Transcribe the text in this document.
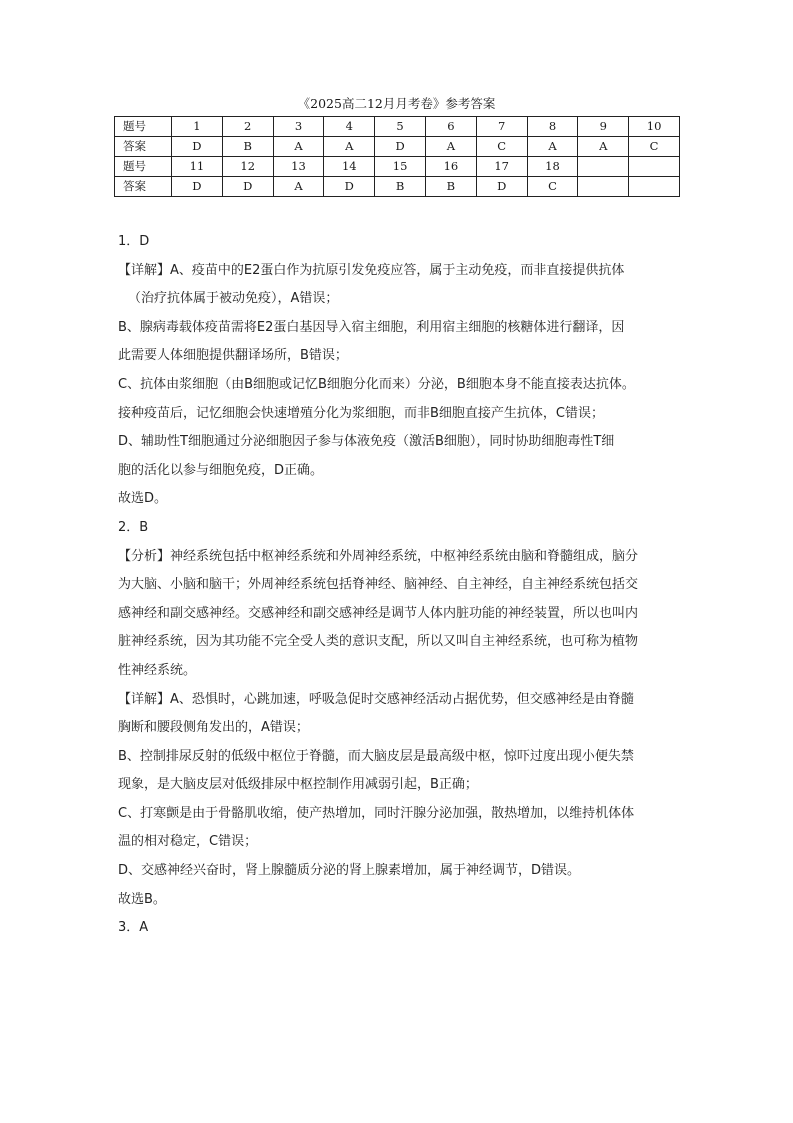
《2025高二12月月考卷》参考答案
题号	1	2	3	4	5	6	7	8	9	10
答案	D	B	A	A	D	A	C	A	A	C
题号	11	12	13	14	15	16	17	18		
答案	D	D	A	D	B	B	D	C		
1．D
【详解】A、疫苗中的E2蛋白作为抗原引发免疫应答，属于主动免疫，而非直接提供抗体
（治疗抗体属于被动免疫），A错误；
B、腺病毒载体疫苗需将E2蛋白基因导入宿主细胞，利用宿主细胞的核糖体进行翻译，因
此需要人体细胞提供翻译场所，B错误；
C、抗体由浆细胞（由B细胞或记忆B细胞分化而来）分泌，B细胞本身不能直接表达抗体。
接种疫苗后，记忆细胞会快速增殖分化为浆细胞，而非B细胞直接产生抗体，C错误；
D、辅助性T细胞通过分泌细胞因子参与体液免疫（激活B细胞），同时协助细胞毒性T细
胞的活化以参与细胞免疫，D正确。
故选D。
2．B
【分析】神经系统包括中枢神经系统和外周神经系统，中枢神经系统由脑和脊髓组成，脑分
为大脑、小脑和脑干；外周神经系统包括脊神经、脑神经、自主神经，自主神经系统包括交
感神经和副交感神经。交感神经和副交感神经是调节人体内脏功能的神经装置，所以也叫内
脏神经系统，因为其功能不完全受人类的意识支配，所以又叫自主神经系统，也可称为植物
性神经系统。
【详解】A、恐惧时，心跳加速，呼吸急促时交感神经活动占据优势，但交感神经是由脊髓
胸断和腰段侧角发出的，A错误；
B、控制排尿反射的低级中枢位于脊髓，而大脑皮层是最高级中枢，惊吓过度出现小便失禁
现象，是大脑皮层对低级排尿中枢控制作用减弱引起，B正确；
C、打寒颤是由于骨骼肌收缩，使产热增加，同时汗腺分泌加强，散热增加，以维持机体体
温的相对稳定，C错误；
D、交感神经兴奋时，肾上腺髓质分泌的肾上腺素增加，属于神经调节，D错误。
故选B。
3．A
